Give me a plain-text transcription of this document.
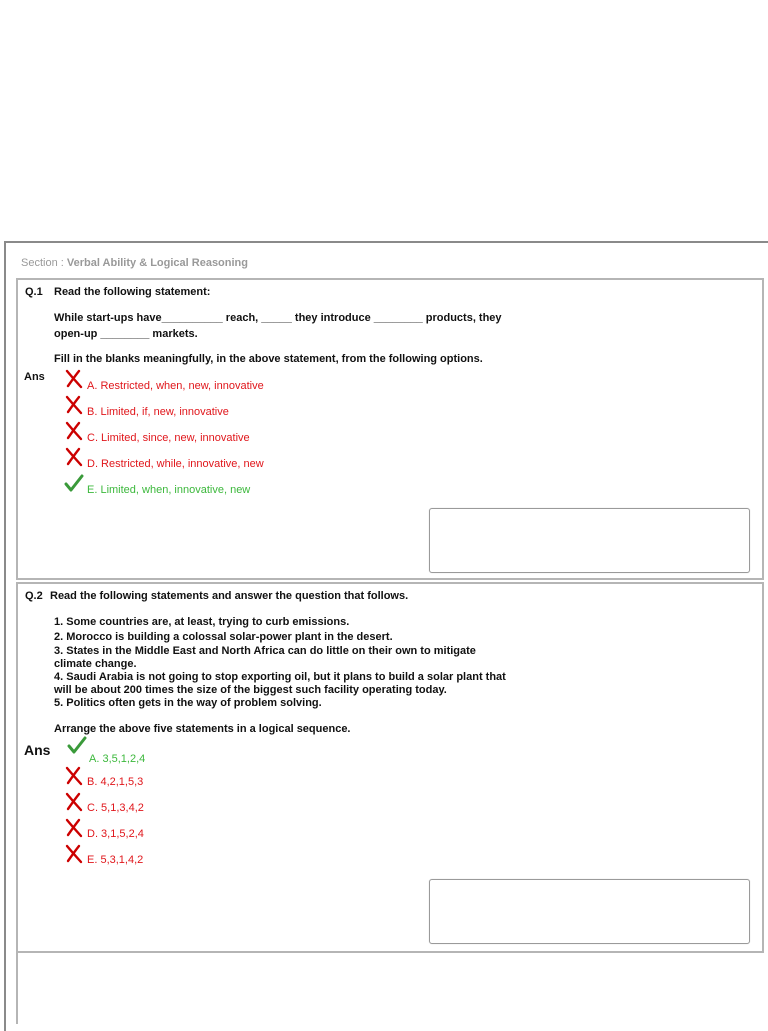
Section : Verbal Ability & Logical Reasoning
Q.1 Read the following statement:
While start-ups have__________ reach, _____ they introduce ________ products, they
open-up ________ markets.
Fill in the blanks meaningfully, in the above statement, from the following options.
Ans
A. Restricted, when, new, innovative
B. Limited, if, new, innovative
C. Limited, since, new, innovative
D. Restricted, while, innovative, new
E. Limited, when, innovative, new
Q.2 Read the following statements and answer the question that follows.
1. Some countries are, at least, trying to curb emissions.
2. Morocco is building a colossal solar-power plant in the desert.
3. States in the Middle East and North Africa can do little on their own to mitigate
climate change.
4. Saudi Arabia is not going to stop exporting oil, but it plans to build a solar plant that
will be about 200 times the size of the biggest such facility operating today.
5. Politics often gets in the way of problem solving.
Arrange the above five statements in a logical sequence.
Ans
A. 3,5,1,2,4
B. 4,2,1,5,3
C. 5,1,3,4,2
D. 3,1,5,2,4
E. 5,3,1,4,2
